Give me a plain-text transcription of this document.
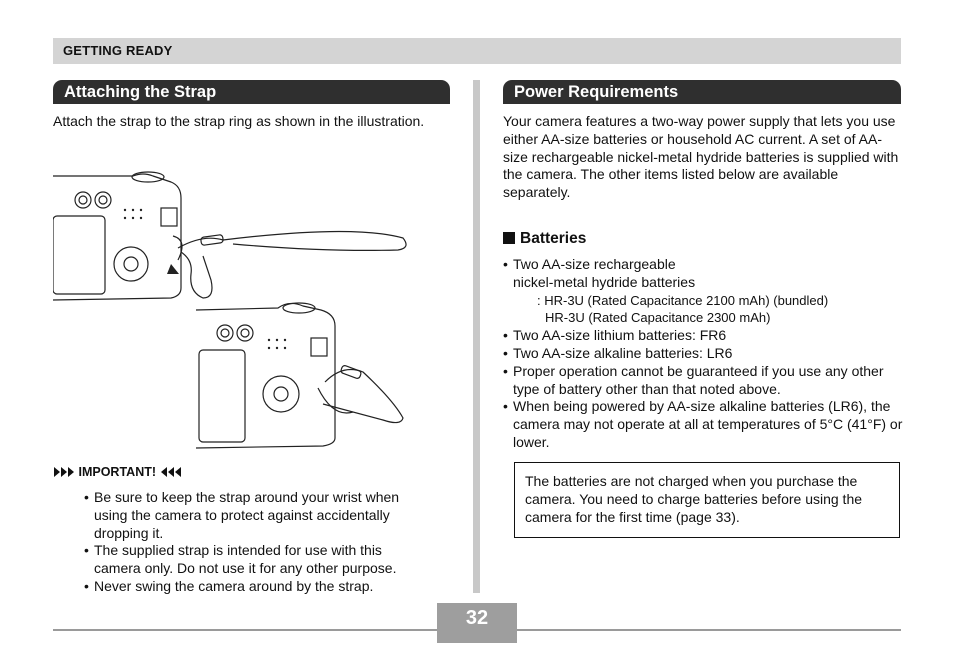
GETTING READY
Attaching the Strap	Power Requirements
Attach the strap to the strap ring as shown in the illustration.
IMPORTANT!
• Be sure to keep the strap around your wrist when using the camera to protect against accidentally dropping it.
• The supplied strap is intended for use with this camera only. Do not use it for any other purpose.
• Never swing the camera around by the strap.
Your camera features a two-way power supply that lets you use either AA-size batteries or household AC current. A set of AA-size rechargeable nickel-metal hydride batteries is supplied with the camera. The other items listed below are available separately.
Batteries
• Two AA-size rechargeable
nickel-metal hydride batteries
: HR-3U (Rated Capacitance 2100 mAh) (bundled)
HR-3U (Rated Capacitance 2300 mAh)
• Two AA-size lithium batteries: FR6
• Two AA-size alkaline batteries: LR6
• Proper operation cannot be guaranteed if you use any other type of battery other than that noted above.
• When being powered by AA-size alkaline batteries (LR6), the camera may not operate at all at temperatures of 5°C (41°F) or lower.
The batteries are not charged when you purchase the camera. You need to charge batteries before using the camera for the first time (page 33).
32
